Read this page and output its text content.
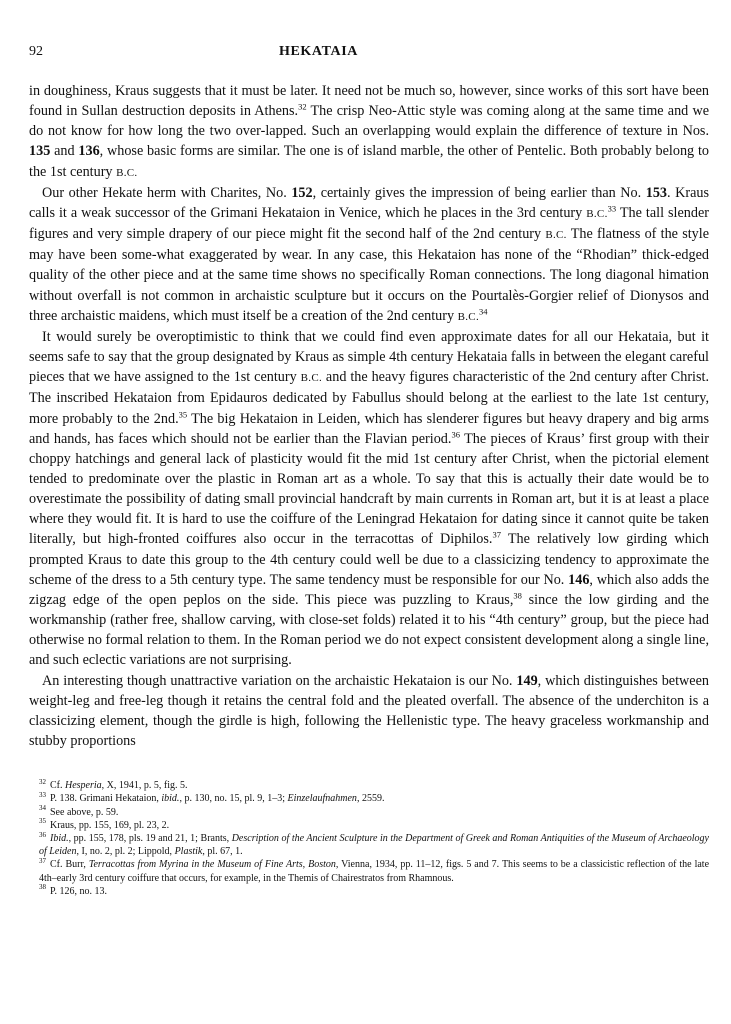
92	HEKATAIA

in doughiness, Kraus suggests that it must be later. It need not be much so, however, since works of this sort have been found in Sullan destruction deposits in Athens.$^{32}$ The crisp Neo-Attic style was coming along at the same time and we do not know for how long the two over-lapped. Such an overlapping would explain the difference of texture in Nos. 135 and 136, whose basic forms are similar. The one is of island marble, the other of Pentelic. Both probably belong to the 1st century B.C.

Our other Hekate herm with Charites, No. 152, certainly gives the impression of being earlier than No. 153. Kraus calls it a weak successor of the Grimani Hekataion in Venice, which he places in the 3rd century B.C.$^{33}$ The tall slender figures and very simple drapery of our piece might fit the second half of the 2nd century B.C. The flatness of the style may have been some-what exaggerated by wear. In any case, this Hekataion has none of the “Rhodian” thick-edged quality of the other piece and at the same time shows no specifically Roman connections. The long diagonal himation without overfall is not common in archaistic sculpture but it occurs on the Pourtalès-Gorgier relief of Dionysos and three archaistic maidens, which must itself be a creation of the 2nd century B.C.$^{34}$

It would surely be overoptimistic to think that we could find even approximate dates for all our Hekataia, but it seems safe to say that the group designated by Kraus as simple 4th century Hekataia falls in between the elegant careful pieces that we have assigned to the 1st century B.C. and the heavy figures characteristic of the 2nd century after Christ. The inscribed Hekataion from Epidauros dedicated by Fabullus should belong at the earliest to the late 1st century, more probably to the 2nd.$^{35}$ The big Hekataion in Leiden, which has slenderer figures but heavy drapery and big arms and hands, has faces which should not be earlier than the Flavian period.$^{36}$ The pieces of Kraus’ first group with their choppy hatchings and general lack of plasticity would fit the mid 1st century after Christ, when the pictorial element tended to predominate over the plastic in Roman art as a whole. To say that this is actually their date would be to overestimate the possibility of dating small provincial handcraft by main currents in Roman art, but it is at least a place where they would fit. It is hard to use the coiffure of the Leningrad Hekataion for dating since it cannot quite be taken literally, but high-fronted coiffures also occur in the terracottas of Diphilos.$^{37}$ The relatively low girding which prompted Kraus to date this group to the 4th century could well be due to a classicizing tendency to approximate the scheme of the dress to a 5th century type. The same tendency must be responsible for our No. 146, which also adds the zigzag edge of the open peplos on the side. This piece was puzzling to Kraus,$^{38}$ since the low girding and the workmanship (rather free, shallow carving, with close-set folds) related it to his “4th century” group, but the piece had otherwise no formal relation to them. In the Roman period we do not expect consistent development along a single line, and such eclectic variations are not surprising.

An interesting though unattractive variation on the archaistic Hekataion is our No. 149, which distinguishes between weight-leg and free-leg though it retains the central fold and the pleated overfall. The absence of the underchiton is a classicizing element, though the girdle is high, following the Hellenistic type. The heavy graceless workmanship and stubby proportions

$^{32}$ Cf. Hesperia, X, 1941, p. 5, fig. 5.

$^{33}$ P. 138. Grimani Hekataion, ibid., p. 130, no. 15, pl. 9, 1–3; Einzelaufnahmen, 2559.

$^{34}$ See above, p. 59.

$^{35}$ Kraus, pp. 155, 169, pl. 23, 2.

$^{36}$ Ibid., pp. 155, 178, pls. 19 and 21, 1; Brants, Description of the Ancient Sculpture in the Department of Greek and Roman Antiquities of the Museum of Archaeology of Leiden, I, no. 2, pl. 2; Lippold, Plastik, pl. 67, 1.

$^{37}$ Cf. Burr, Terracottas from Myrina in the Museum of Fine Arts, Boston, Vienna, 1934, pp. 11–12, figs. 5 and 7. This seems to be a classicistic reflection of the late 4th–early 3rd century coiffure that occurs, for example, in the Themis of Chairestratos from Rhamnous.

$^{38}$ P. 126, no. 13.
